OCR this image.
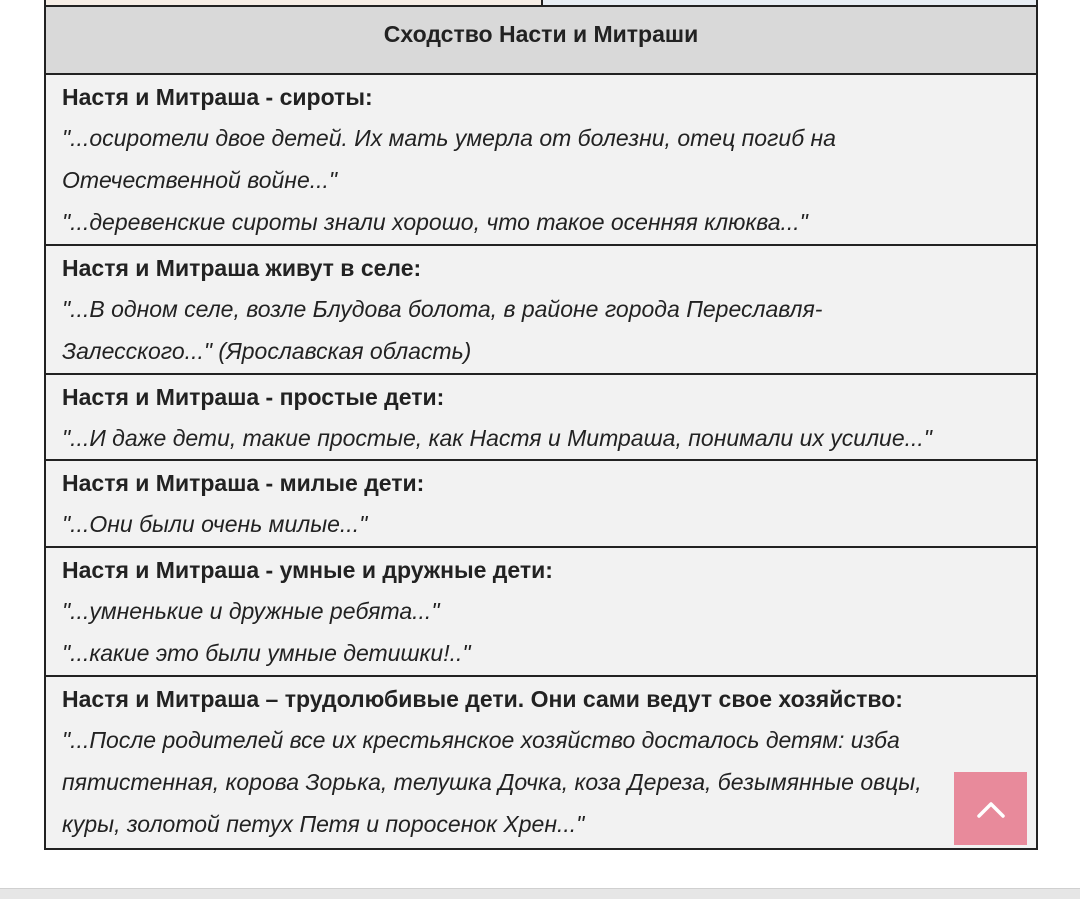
Сходство Насти и Митраши
Настя и Митраша - сироты:
"...осиротели двое детей. Их мать умерла от болезни, отец погиб на
Отечественной войне..."
"...деревенские сироты знали хорошо, что такое осенняя клюква..."
Настя и Митраша живут в селе:
"...В одном селе, возле Блудова болота, в районе города Переславля-
Залесского..." (Ярославская область)
Настя и Митраша - простые дети:
"...И даже дети, такие простые, как Настя и Митраша, понимали их усилие..."
Настя и Митраша - милые дети:
"...Они были очень милые..."
Настя и Митраша - умные и дружные дети:
"...умненькие и дружные ребята..."
"...какие это были умные детишки!.."
Настя и Митраша – трудолюбивые дети. Они сами ведут свое хозяйство:
"...После родителей все их крестьянское хозяйство досталось детям: изба
пятистенная, корова Зорька, телушка Дочка, коза Дереза, безымянные овцы,
куры, золотой петух Петя и поросенок Хрен..."
